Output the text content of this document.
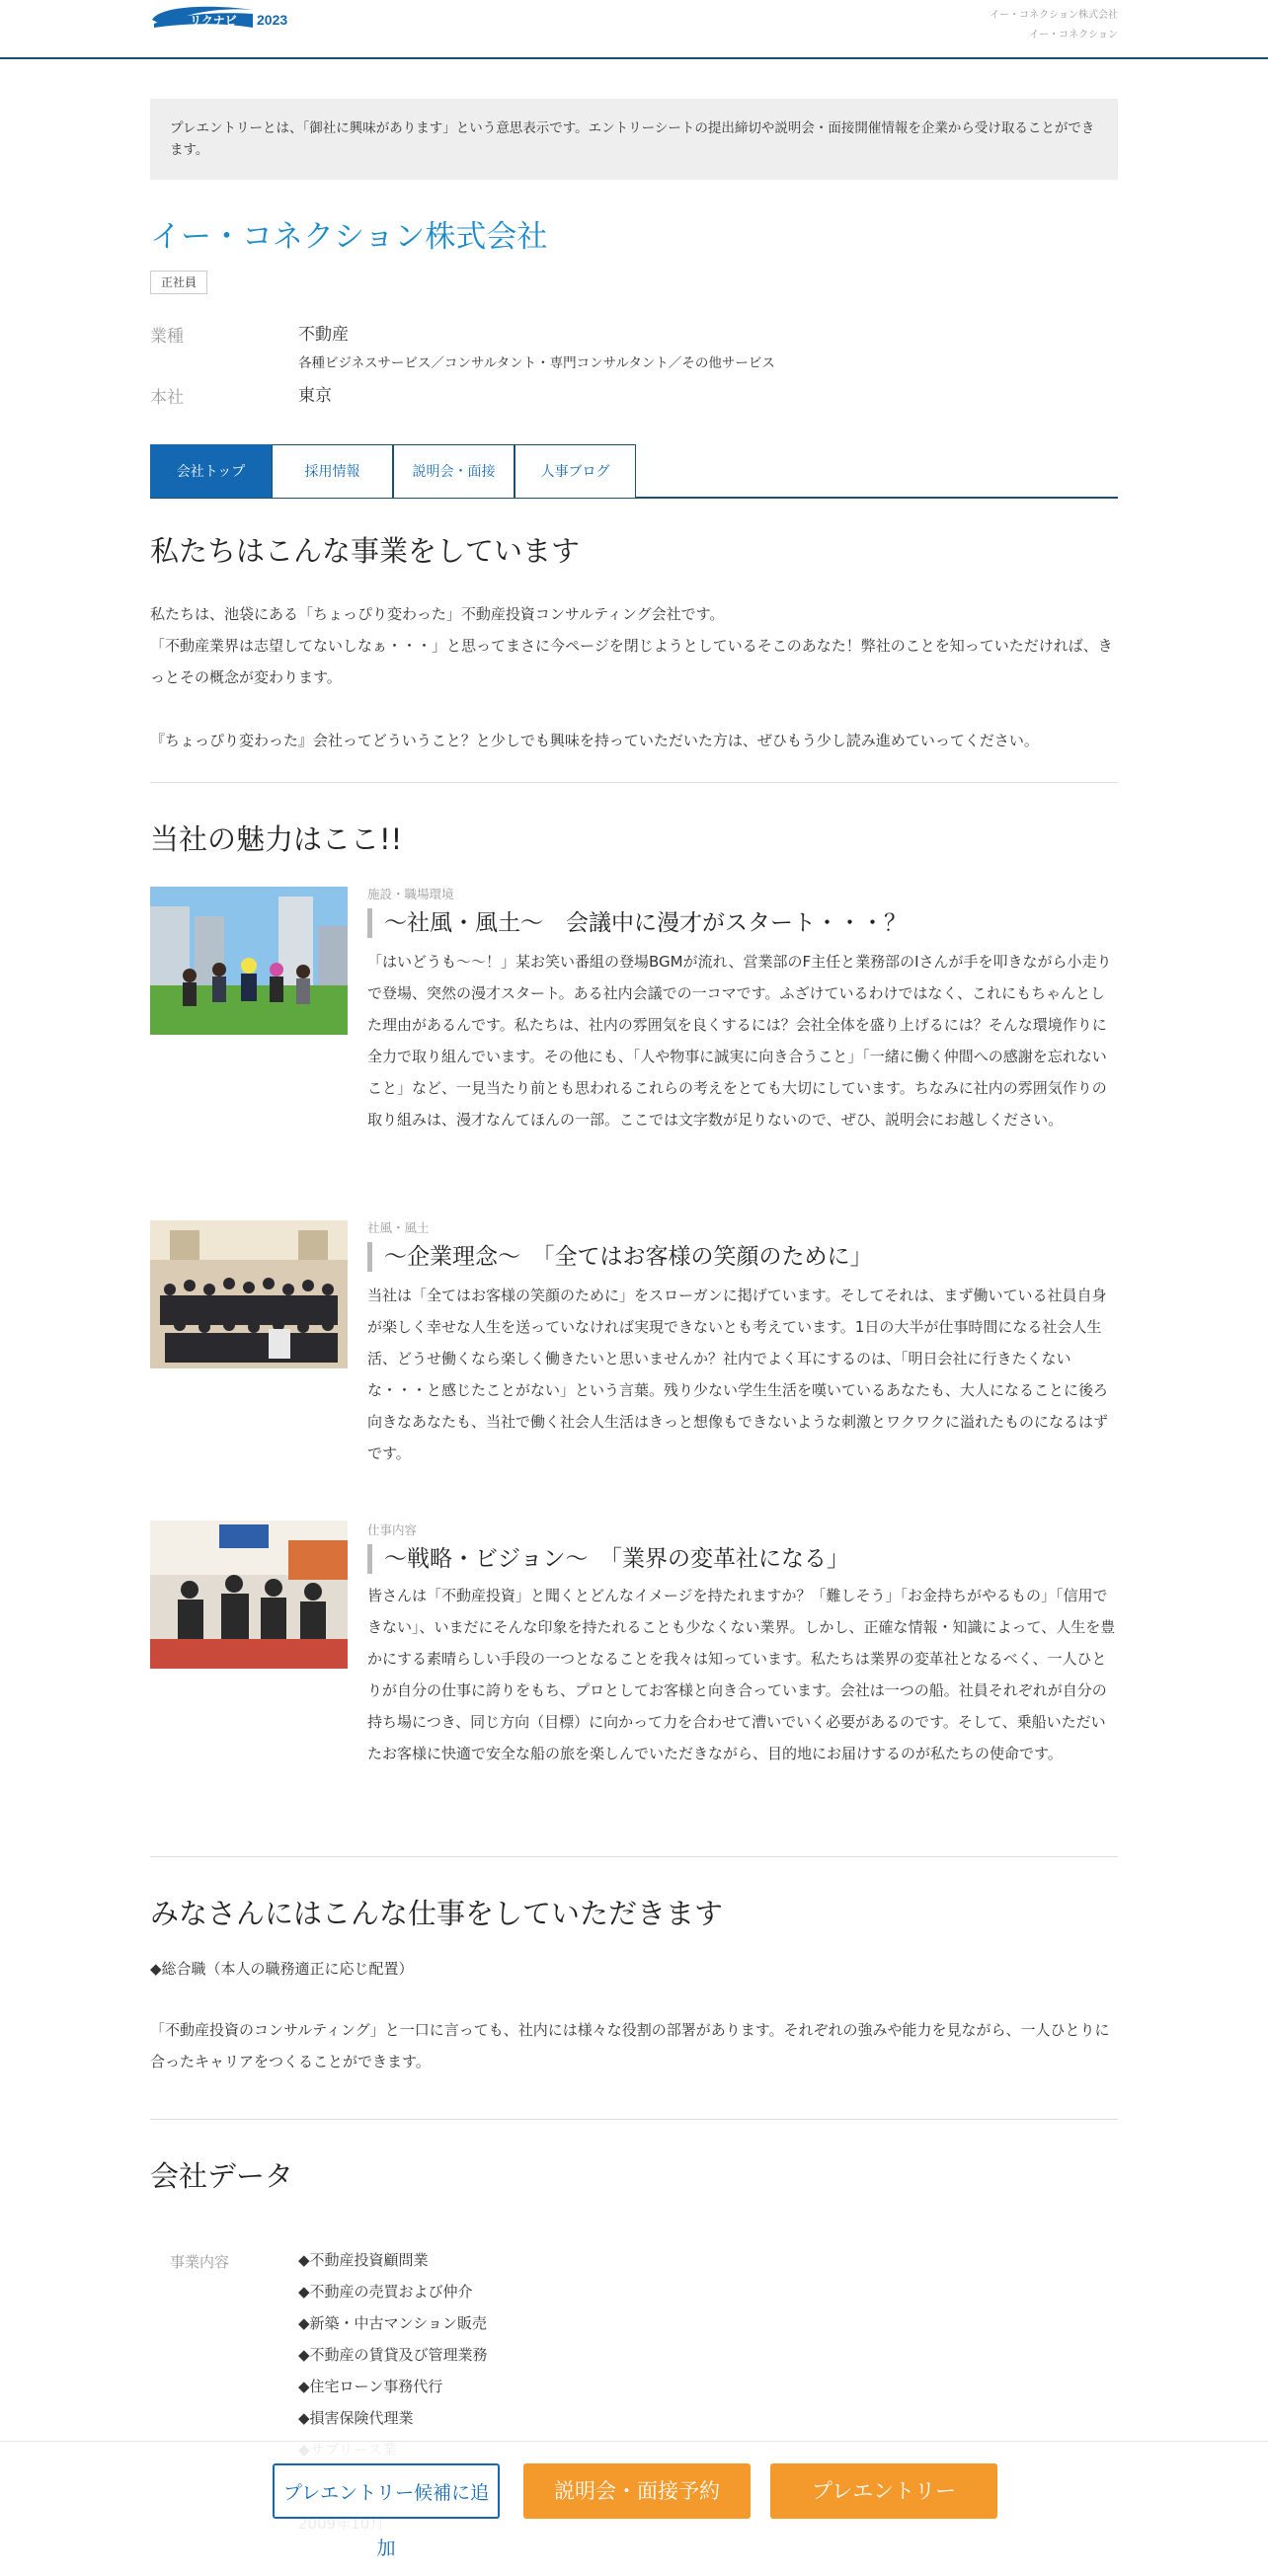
リクナビ 2023	イー・コネクション株式会社
イー・コネクション
プレエントリーとは、「御社に興味があります」という意思表示です。エントリーシートの提出締切や説明会・面接開催情報を企業から受け取ることができます。
イー・コネクション株式会社
正社員
業種	不動産
各種ビジネスサービス／コンサルタント・専門コンサルタント／その他サービス
本社	東京
会社トップ	採用情報	説明会・面接	人事ブログ
私たちはこんな事業をしています
私たちは、池袋にある「ちょっぴり変わった」不動産投資コンサルティング会社です。
「不動産業界は志望してないしなぁ・・・」と思ってまさに今ページを閉じようとしているそこのあなた！弊社のことを知っていただければ、きっとその概念が変わります。
『ちょっぴり変わった』会社ってどういうこと？と少しでも興味を持っていただいた方は、ぜひもう少し読み進めていってください。
当社の魅力はここ!!
施設・職場環境
～社風・風土～　会議中に漫才がスタート・・・？
「はいどうも～～！」某お笑い番組の登場BGMが流れ、営業部のF主任と業務部のIさんが手を叩きながら小走りで登場、突然の漫才スタート。ある社内会議での一コマです。ふざけているわけではなく、これにもちゃんとした理由があるんです。私たちは、社内の雰囲気を良くするには？会社全体を盛り上げるには？そんな環境作りに全力で取り組んでいます。その他にも、「人や物事に誠実に向き合うこと」「一緒に働く仲間への感謝を忘れないこと」など、一見当たり前とも思われるこれらの考えをとても大切にしています。ちなみに社内の雰囲気作りの取り組みは、漫才なんてほんの一部。ここでは文字数が足りないので、ぜひ、説明会にお越しください。
社風・風土
～企業理念～　「全てはお客様の笑顔のために」
当社は「全てはお客様の笑顔のために」をスローガンに掲げています。そしてそれは、まず働いている社員自身が楽しく幸せな人生を送っていなければ実現できないとも考えています。1日の大半が仕事時間になる社会人生活、どうせ働くなら楽しく働きたいと思いませんか？社内でよく耳にするのは、「明日会社に行きたくないな・・・と感じたことがない」という言葉。残り少ない学生生活を嘆いているあなたも、大人になることに後ろ向きなあなたも、当社で働く社会人生活はきっと想像もできないような刺激とワクワクに溢れたものになるはずです。
仕事内容
～戦略・ビジョン～　「業界の変革社になる」
皆さんは「不動産投資」と聞くとどんなイメージを持たれますか？「難しそう」「お金持ちがやるもの」「信用できない」、いまだにそんな印象を持たれることも少なくない業界。しかし、正確な情報・知識によって、人生を豊かにする素晴らしい手段の一つとなることを我々は知っています。私たちは業界の変革社となるべく、一人ひとりが自分の仕事に誇りをもち、プロとしてお客様と向き合っています。会社は一つの船。社員それぞれが自分の持ち場につき、同じ方向（目標）に向かって力を合わせて漕いでいく必要があるのです。そして、乗船いただいたお客様に快適で安全な船の旅を楽しんでいただきながら、目的地にお届けするのが私たちの使命です。
みなさんにはこんな仕事をしていただきます
◆総合職（本人の職務適正に応じ配置）
「不動産投資のコンサルティング」と一口に言っても、社内には様々な役割の部署があります。それぞれの強みや能力を見ながら、一人ひとりに合ったキャリアをつくることができます。
会社データ
事業内容	◆不動産投資顧問業
◆不動産の売買および仲介
◆新築・中古マンション販売
◆不動産の賃貸及び管理業務
◆住宅ローン事務代行
◆損害保険代理業
プレエントリー候補に追加
説明会・面接予約	プレエントリー
